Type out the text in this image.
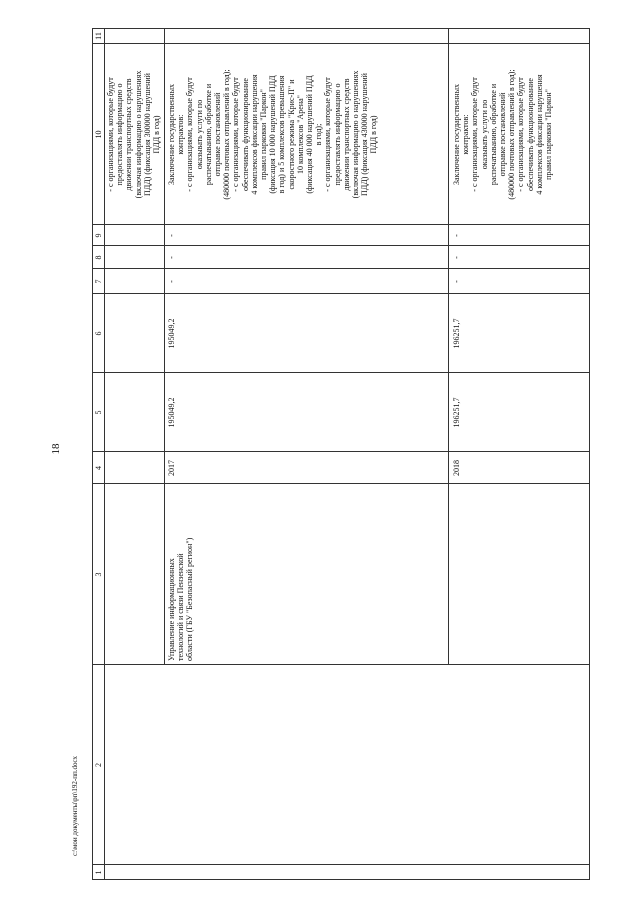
18
c:\мои документы\рп\192-пп.docx
1
2
3
4
5
6
7
8
9
10
11
- с организациями, которые будут
предоставлять информацию о
движении транспортных средств
(включая информацию о нарушениях
ПДД) (фиксация 300000 нарушений
ПДД в год)
Управление информационных
технологий и связи Пензенской
области (ГБУ "Безопасный регион")
2017
195049,2
195049,2
-
-
-
Заключение государственных
контрактов:
- с организациями, которые будут
оказывать услуги по
распечатыванию, обработке и
отправке постановлений
(480000 почтовых отправлений в год);
- с организациями, которые будут
обеспечивать функционирование
4 комплексов фиксации нарушения
правил парковки "Паркон"
(фиксация 10 000 нарушений ПДД
в год) и 5 комплексов превышения
скоростного режима "Крис-П" и
10 комплексов "Арена"
(фиксация 40 000 нарушений ПДД
в год);
- с организациями, которые будут
предоставлять информацию о
движении транспортных средств
(включая информацию о нарушениях
ПДД) (фиксация 430000 нарушений
ПДД в год)
2018
196251,7
196251,7
-
-
-
Заключение государственных
контрактов:
- с организациями, которые будут
оказывать услуги по
распечатыванию, обработке и
отправке постановлений
(480000 почтовых отправлений в год);
- с организациями, которые будут
обеспечивать функционирование
4 комплексов фиксации нарушения
правил парковки "Паркон"
